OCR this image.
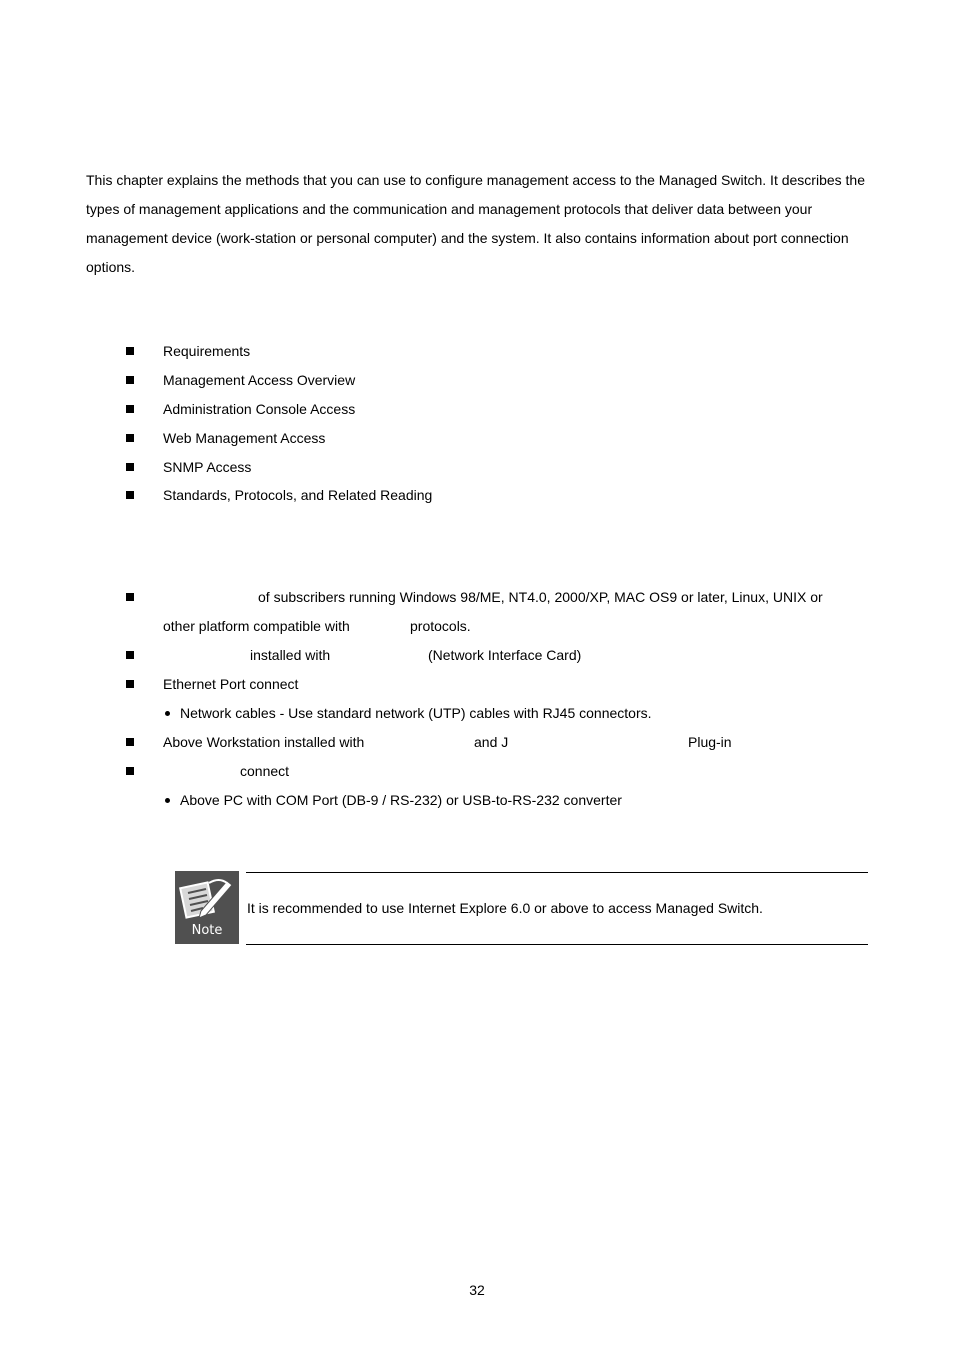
This chapter explains the methods that you can use to configure management access to the Managed Switch. It describes the types of management applications and the communication and management protocols that deliver data between your management device (work-station or personal computer) and the system. It also contains information about port connection options.

Requirements
Management Access Overview
Administration Console Access
Web Management Access
SNMP Access
Standards, Protocols, and Related Reading
of subscribers running Windows 98/ME, NT4.0, 2000/XP, MAC OS9 or later, Linux, UNIX or
other platform compatible with	protocols.
installed with	(Network Interface Card)
Ethernet Port connect
Network cables - Use standard network (UTP) cables with RJ45 connectors.
Above Workstation installed with	and J	Plug-in
connect
Above PC with COM Port (DB-9 / RS-232) or USB-to-RS-232 converter
Note
It is recommended to use Internet Explore 6.0 or above to access Managed Switch.
32
